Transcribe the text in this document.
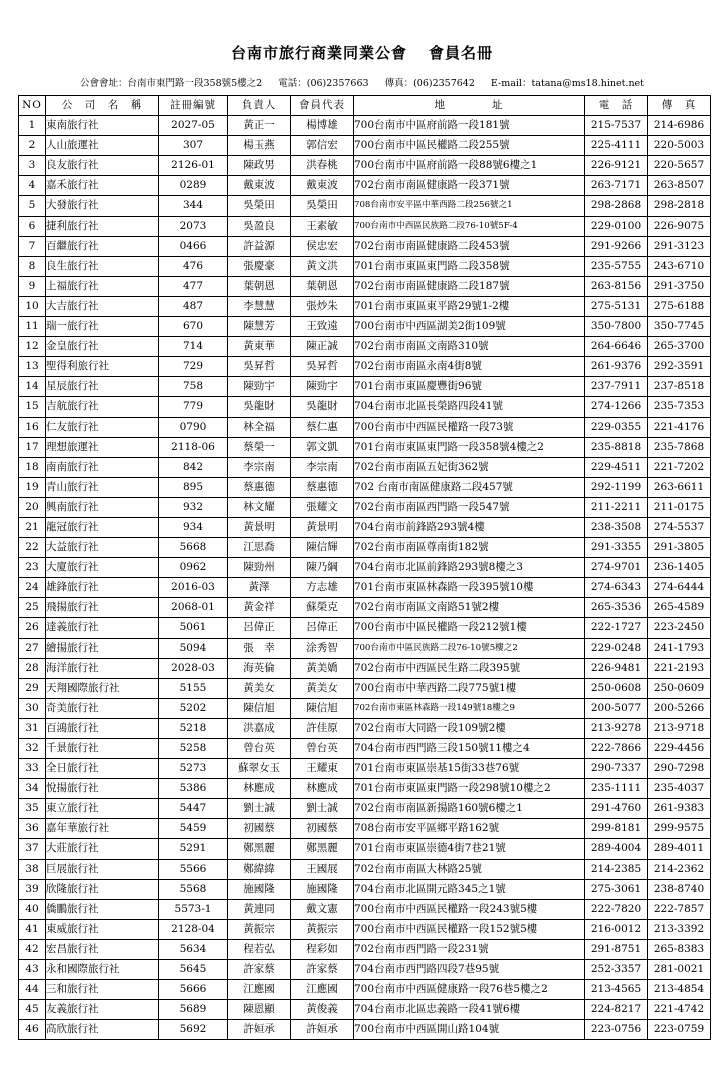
台南市旅行商業同業公會 會員名冊
公會會址：台南市東門路一段358號5樓之2 電話：(06)2357663 傳真：(06)2357642 E-mail：tatana@ms18.hinet.net
NO	公　司　名　稱	註冊編號	負責人	會員代表	地　　　　址	電　話	傳　真
1	東南旅行社	2027-05	黃正一	楊博雄	700台南市中區府前路一段181號	215-7537	214-6986
2	人山旅運社	307	楊玉燕	郭信宏	700台南市中區民權路二段255號	225-4111	220-5003
3	良友旅行社	2126-01	陳政男	洪春桃	700台南市中區府前路一段88號6樓之1	226-9121	220-5657
4	嘉禾旅行社	0289	戴東波	戴東波	702台南市南區健康路一段371號	263-7171	263-8507
5	大發旅行社	344	吳榮田	吳榮田	708台南市安平區中華西路二段256號之1	298-2868	298-2818
6	捷利旅行社	2073	吳盈良	王素敏	700台南市中西區民族路二段76-10號5F-4	229-0100	226-9075
7	百繼旅行社	0466	許益源	侯忠宏	702台南市南區健康路二段453號	291-9266	291-3123
8	良生旅行社	476	張慶豪	黃文洪	701台南市東區東門路二段358號	235-5755	243-6710
9	上福旅行社	477	葉朝恩	葉朝恩	702台南市南區健康路二段187號	263-8156	291-3750
10	大吉旅行社	487	李慧慧	張炒朱	701台南市東區東平路29號1-2樓	275-5131	275-6188
11	瑞一旅行社	670	陳慧芳	王致遠	700台南市中西區湖美2街109號	350-7800	350-7745
12	金皇旅行社	714	黃東華	陳正誠	702台南市南區文南路310號	264-6646	265-3700
13	聖得利旅行社	729	吳昇哲	吳昇哲	702台南市南區永南4街8號	261-9376	292-3591
14	星辰旅行社	758	陳勁宇	陳勁宇	701台南市東區慶豐街96號	237-7911	237-8518
15	吉航旅行社	779	吳龍財	吳龍財	704台南市北區長榮路四段41號	274-1266	235-7353
16	仁友旅行社	0790	林全福	蔡仁惠	700台南市中西區民權路一段73號	229-0355	221-4176
17	理想旅運社	2118-06	蔡榮一	郭文凱	701台南市東區東門路一段358號4樓之2	235-8818	235-7868
18	南南旅行社	842	李宗南	李宗南	702台南市南區五妃街362號	229-4511	221-7202
19	青山旅行社	895	蔡惠德	蔡惠德	702 台南市南區健康路二段457號	292-1199	263-6611
20	興南旅行社	932	林文耀	張耀文	702台南市南區西門路一段547號	211-2211	211-0175
21	龍冠旅行社	934	黃景明	黃景明	704台南市前鋒路293號4樓	238-3508	274-5537
22	大益旅行社	5668	江思喬	陳信輝	702台南市南區尊南街182號	291-3355	291-3805
23	大廈旅行社	0962	陳勁州	陳乃綱	704台南市北區前鋒路293號8樓之3	274-9701	236-1405
24	雄鋒旅行社	2016-03	黃澤	方志雄	701台南市東區林森路一段395號10樓	274-6343	274-6444
25	飛揚旅行社	2068-01	黃金祥	蘇榮克	702台南市南區文南路51號2樓	265-3536	265-4589
26	達義旅行社	5061	呂偉正	呂偉正	700台南市中區民權路一段212號1樓	222-1727	223-2450
27	繪揚旅行社	5094	張　幸	涂秀智	700台南市中區民族路二段76-10號5樓之2	229-0248	241-1793
28	海洋旅行社	2028-03	海英倫	黃美嬌	702台南市中西區民生路二段395號	226-9481	221-2193
29	天翔國際旅行社	5155	黃美女	黃美女	700台南市中華西路二段775號1樓	250-0608	250-0609
30	奇美旅行社	5202	陳信旭	陳信旭	702台南市東區林森路一段149號18樓之9	200-5077	200-5266
31	百鴻旅行社	5218	洪嘉成	許佳原	702台南市大同路一段109號2樓	213-9278	213-9718
32	千景旅行社	5258	曾台英	曾台英	704台南市西門路三段150號11樓之4	222-7866	229-4456
33	全日旅行社	5273	蘇翠女玉	王耀東	701台南市東區崇基15街33巷76號	290-7337	290-7298
34	悅揚旅行社	5386	林應成	林應成	701台南市東區東門路一段298號10樓之2	235-1111	235-4037
35	東立旅行社	5447	劉士誠	劉士誠	702台南市南區新揚路160號6樓之1	291-4760	261-9383
36	嘉年華旅行社	5459	初國蔡	初國蔡	708台南市安平區鄉平路162號	299-8181	299-9575
37	大莊旅行社	5291	鄭黑麗	鄭黑麗	701台南市東區崇德4街7巷21號	289-4004	289-4011
38	巨展旅行社	5566	鄭緯緯	王國展	702台南市南區大林路25號	214-2385	214-2362
39	欣隆旅行社	5568	施國隆	施國隆	704台南市北區開元路345之1號	275-3061	238-8740
40	僑鵬旅行社	5573-1	黃連同	戴文憲	700台南市中西區民權路一段243號5樓	222-7820	222-7857
41	東威旅行社	2128-04	黃振宗	黃振宗	700台南市中西區民權路一段152號5樓	216-0012	213-3392
42	宏昌旅行社	5634	程若弘	程彩如	702台南市西門路一段231號	291-8751	265-8383
43	永和國際旅行社	5645	許家蔡	許家蔡	704台南市西門路四段7巷95號	252-3357	281-0021
44	三和旅行社	5666	江應國	江應國	700台南市中西區健康路一段76巷5樓之2	213-4565	213-4854
45	友義旅行社	5689	陳恩顯	黃俊義	704台南市北區忠義路一段41號6樓	224-8217	221-4742
46	高欣旅行社	5692	許姮承	許姮承	700台南市中西區開山路104號	223-0756	223-0759
